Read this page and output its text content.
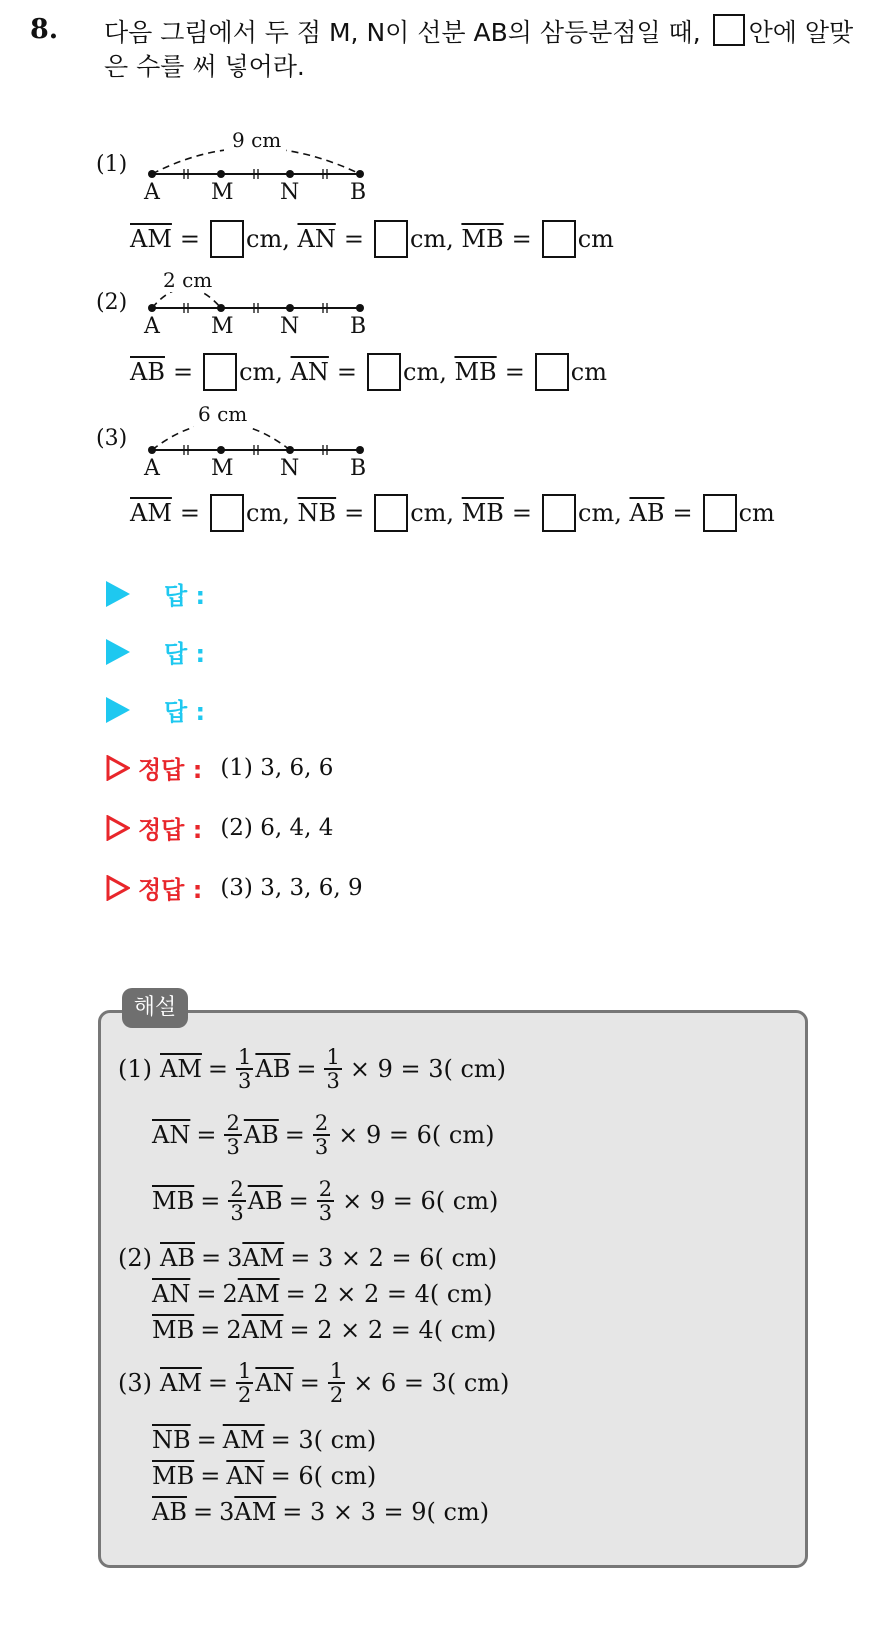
8. 다음 그림에서 두 점 M, N이 선분 AB의 삼등분점일 때, 안에 알맞은 수를 써 넣어라.
(1)
9 cm
A M N B
$\overline{AM}$ = cm,
$\overline{AN}$ = cm,
$\overline{MB}$ = cm
(2)
2 cm
A M N B
$\overline{AB}$ = cm,
$\overline{AN}$ = cm,
$\overline{MB}$ = cm
(3)
6 cm
A M N B
$\overline{AM}$ = cm,
$\overline{NB}$ = cm,
$\overline{MB}$ = cm,
$\overline{AB}$ = cm
답 :
답 :
답 :
정답 : (1) 3, 6, 6
정답 : (2) 6, 4, 4
정답 : (3) 3, 3, 6, 9
해설
(1) $\overline{AM} = \frac{1}{3} \overline{AB} = \frac{1}{3} \times 9 = 3$( cm)
$\overline{AN} = \frac{2}{3} \overline{AB} = \frac{2}{3} \times 9 = 6$( cm)
$\overline{MB} = \frac{2}{3} \overline{AB} = \frac{2}{3} \times 9 = 6$( cm)
(2) $\overline{AB} = 3$ $\overline{AM} = 3 \times 2 = 6$( cm)
$\overline{AN} = 2$ $\overline{AM} = 2 \times 2 = 4$( cm)
$\overline{MB} = 2$ $\overline{AM} = 2 \times 2 = 4$( cm)
(3) $\overline{AM} = \frac{1}{2} \overline{AN} = \frac{1}{2} \times 6 = 3$( cm)
$\overline{NB} = \overline{AM} = 3$( cm)
$\overline{MB} = \overline{AN} = 6$( cm)
$\overline{AB} = 3$ $\overline{AM} = 3 \times 3 = 9$( cm)
